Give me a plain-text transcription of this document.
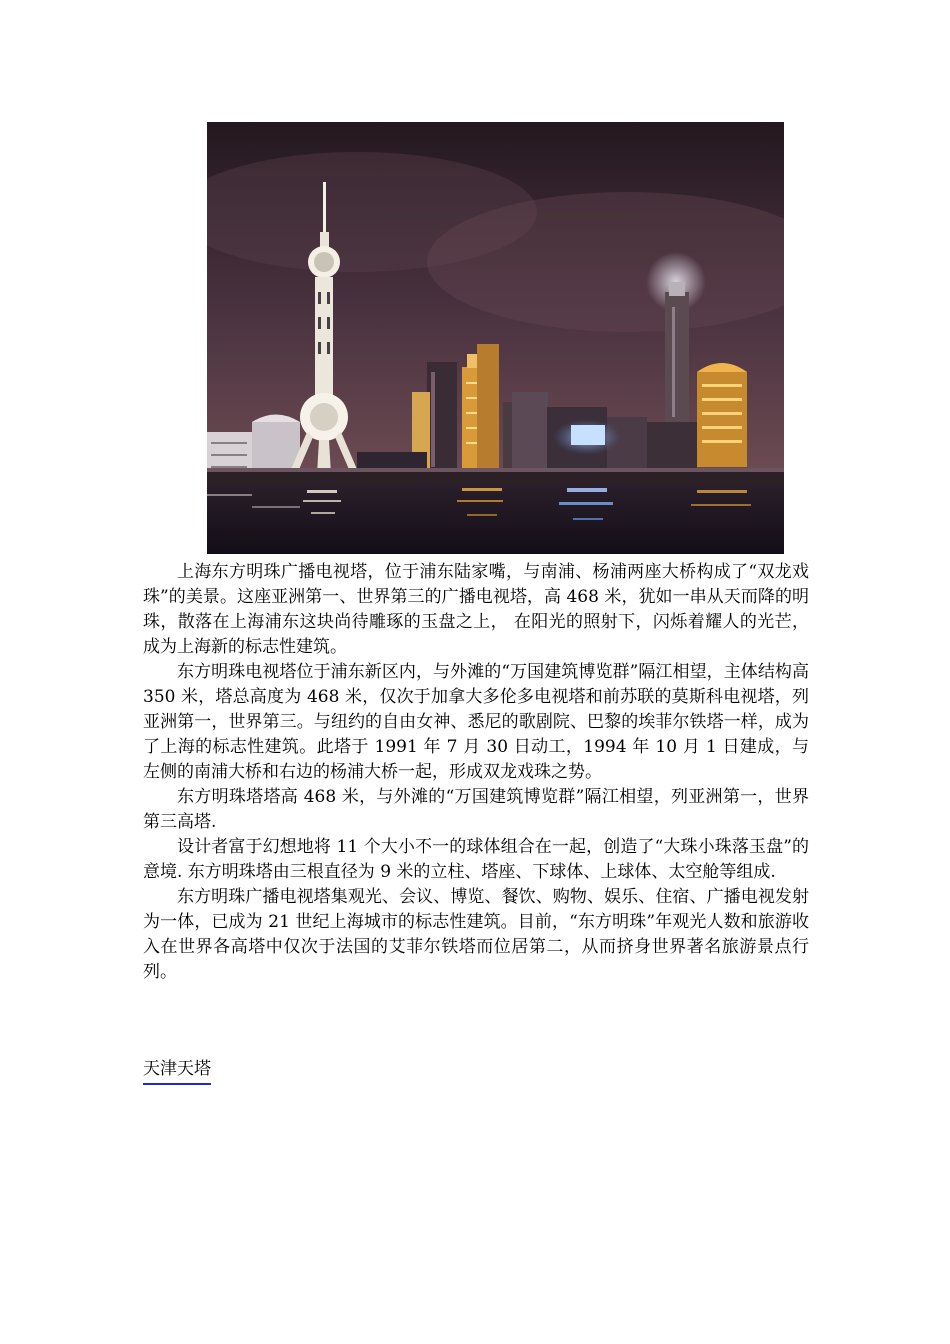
上海东方明珠广播电视塔，位于浦东陆家嘴，与南浦、杨浦两座大桥构成了“双龙戏珠”的美景。这座亚洲第一、世界第三的广播电视塔，高 468 米，犹如一串从天而降的明珠，散落在上海浦东这块尚待雕琢的玉盘之上， 在阳光的照射下，闪烁着耀人的光芒，成为上海新的标志性建筑。

东方明珠电视塔位于浦东新区内，与外滩的“万国建筑博览群”隔江相望，主体结构高 350 米，塔总高度为 468 米，仅次于加拿大多伦多电视塔和前苏联的莫斯科电视塔，列亚洲第一，世界第三。与纽约的自由女神、悉尼的歌剧院、巴黎的埃菲尔铁塔一样，成为了上海的标志性建筑。此塔于 1991 年 7 月 30 日动工，1994 年 10 月 1 日建成，与左侧的南浦大桥和右边的杨浦大桥一起，形成双龙戏珠之势。

东方明珠塔塔高 468 米，与外滩的“万国建筑博览群”隔江相望，列亚洲第一，世界第三高塔.

设计者富于幻想地将 11 个大小不一的球体组合在一起，创造了“大珠小珠落玉盘”的意境. 东方明珠塔由三根直径为 9 米的立柱、塔座、下球体、上球体、太空舱等组成.

东方明珠广播电视塔集观光、会议、博览、餐饮、购物、娱乐、住宿、广播电视发射为一体，已成为 21 世纪上海城市的标志性建筑。目前，“东方明珠”年观光人数和旅游收入在世界各高塔中仅次于法国的艾菲尔铁塔而位居第二，从而挤身世界著名旅游景点行列。

天津天塔
